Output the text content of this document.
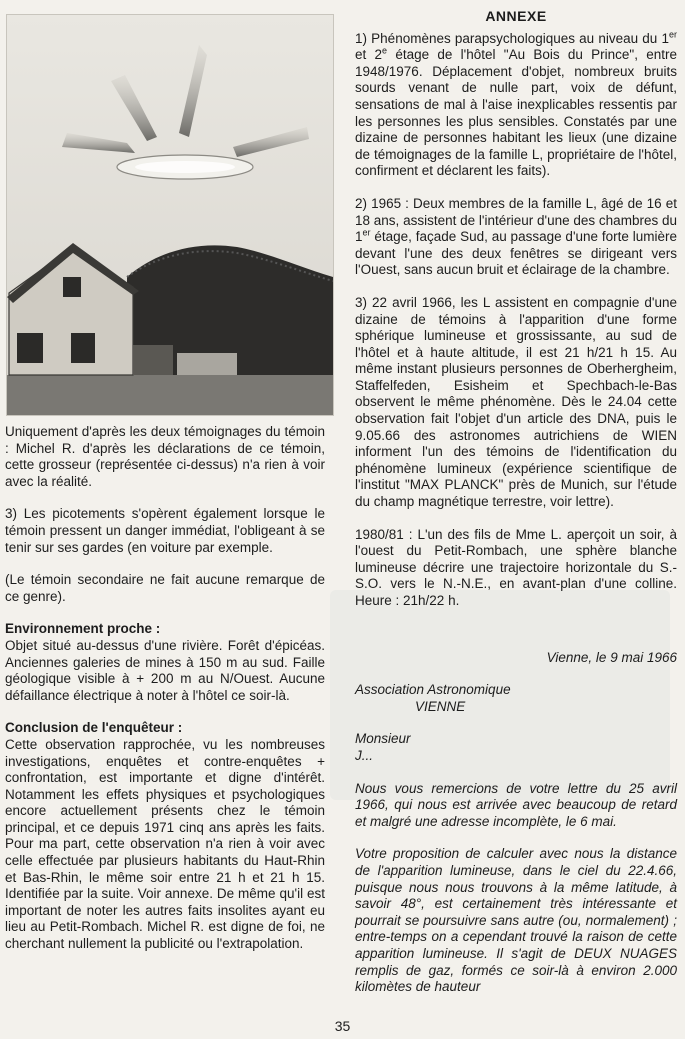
Uniquement d'après les deux témoignages du témoin : Michel R. d'après les déclarations de ce témoin, cette grosseur (représentée ci-dessus) n'a rien à voir avec la réalité.

3) Les picotements s'opèrent également lorsque le témoin pressent un danger immédiat, l'obligeant à se tenir sur ses gardes (en voiture par exemple.

(Le témoin secondaire ne fait aucune remarque de ce genre).

Environnement proche :

Objet situé au-dessus d'une rivière. Forêt d'épicéas. Anciennes galeries de mines à 150 m au sud. Faille géologique visible à + 200 m au N/Ouest. Aucune défaillance électrique à noter à l'hôtel ce soir-là.

Conclusion de l'enquêteur :

Cette observation rapprochée, vu les nombreuses investigations, enquêtes et contre-enquêtes + confrontation, est importante et digne d'intérêt. Notamment les effets physiques et psychologiques encore actuellement présents chez le témoin principal, et ce depuis 1971 cinq ans après les faits. Pour ma part, cette observation n'a rien à voir avec celle effectuée par plusieurs habitants du Haut-Rhin et Bas-Rhin, le même soir entre 21 h et 21 h 15. Identifiée par la suite. Voir annexe. De même qu'il est important de noter les autres faits insolites ayant eu lieu au Petit-Rombach. Michel R. est digne de foi, ne cherchant nullement la publicité ou l'extrapolation.

ANNEXE

1) Phénomènes parapsychologiques au niveau du 1er et 2e étage de l'hôtel "Au Bois du Prince", entre 1948/1976. Déplacement d'objet, nombreux bruits sourds venant de nulle part, voix de défunt, sensations de mal à l'aise inexplicables ressentis par les personnes les plus sensibles. Constatés par une dizaine de personnes habitant les lieux (une dizaine de témoignages de la famille L, propriétaire de l'hôtel, confirment et déclarent les faits).

2) 1965 : Deux membres de la famille L, âgé de 16 et 18 ans, assistent de l'intérieur d'une des chambres du 1er étage, façade Sud, au passage d'une forte lumière devant l'une des deux fenêtres se dirigeant vers l'Ouest, sans aucun bruit et éclairage de la chambre.

3) 22 avril 1966, les L assistent en compagnie d'une dizaine de témoins à l'apparition d'une forme sphérique lumineuse et grossissante, au sud de l'hôtel et à haute altitude, il est 21 h/21 h 15. Au même instant plusieurs personnes de Oberhergheim, Staffelfeden, Esisheim et Spechbach-le-Bas observent le même phénomène. Dès le 24.04 cette observation fait l'objet d'un article des DNA, puis le 9.05.66 des astronomes autrichiens de WIEN informent l'un des témoins de l'identification du phénomène lumineux (expérience scientifique de l'institut "MAX PLANCK" près de Munich, sur l'étude du champ magnétique terrestre, voir lettre).

1980/81 : L'un des fils de Mme L. aperçoit un soir, à l'ouest du Petit-Rombach, une sphère blanche lumineuse décrire une trajectoire horizontale du S.-S.O. vers le N.-N.E., en avant-plan d'une colline. Heure : 21h/22 h.

Vienne, le 9 mai 1966

Association Astronomique

VIENNE

Monsieur

J...

Nous vous remercions de votre lettre du 25 avril 1966, qui nous est arrivée avec beaucoup de retard et malgré une adresse incomplète, le 6 mai.

Votre proposition de calculer avec nous la distance de l'apparition lumineuse, dans le ciel du 22.4.66, puisque nous nous trouvons à la même latitude, à savoir 48°, est certainement très intéressante et pourrait se poursuivre sans autre (ou, normalement) ; entre-temps on a cependant trouvé la raison de cette apparition lumineuse. Il s'agit de DEUX NUAGES remplis de gaz, formés ce soir-là à environ 2.000 kilomètes de hauteur

35
